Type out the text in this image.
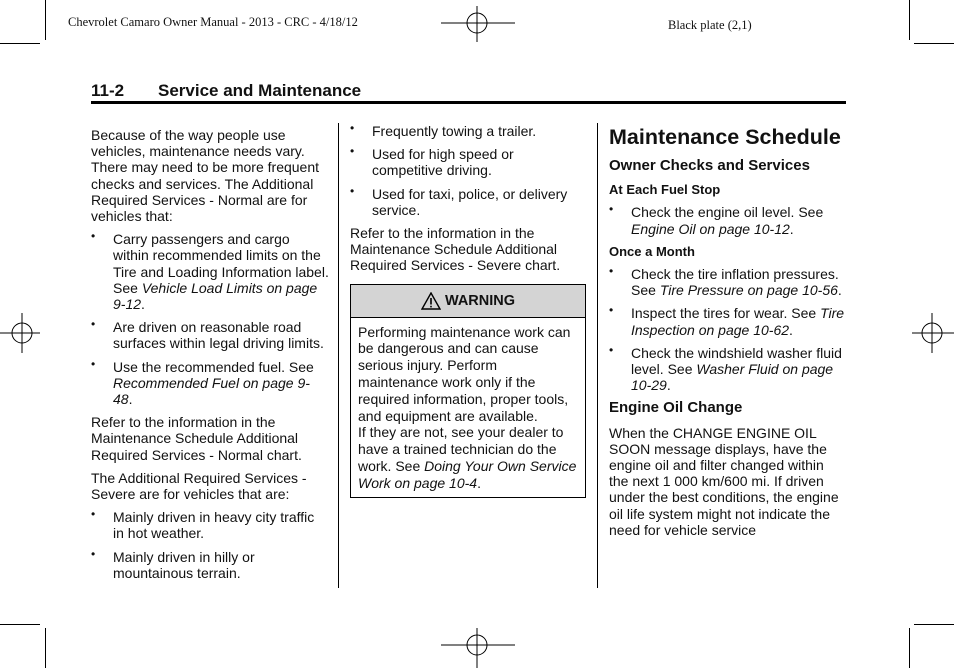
Chevrolet Camaro Owner Manual - 2013 - CRC - 4/18/12	Black plate (2,1)
11-2 Service and Maintenance

Because of the way people use vehicles, maintenance needs vary. There may need to be more frequent checks and services. The Additional Required Services - Normal are for vehicles that:

• Carry passengers and cargo within recommended limits on the Tire and Loading Information label. See Vehicle Load Limits on page 9-12.
• Are driven on reasonable road surfaces within legal driving limits.
• Use the recommended fuel. See Recommended Fuel on page 9-48.

Refer to the information in the Maintenance Schedule Additional Required Services - Normal chart.

The Additional Required Services - Severe are for vehicles that are:

• Mainly driven in heavy city traffic in hot weather.
• Mainly driven in hilly or mountainous terrain.
• Frequently towing a trailer.
• Used for high speed or competitive driving.
• Used for taxi, police, or delivery service.

Refer to the information in the Maintenance Schedule Additional Required Services - Severe chart.

WARNING
Performing maintenance work can be dangerous and can cause serious injury. Perform maintenance work only if the required information, proper tools, and equipment are available.
If they are not, see your dealer to have a trained technician do the work. See Doing Your Own Service Work on page 10-4.
Maintenance Schedule
Owner Checks and Services
At Each Fuel Stop
• Check the engine oil level. See Engine Oil on page 10-12.
Once a Month
• Check the tire inflation pressures. See Tire Pressure on page 10-56.
• Inspect the tires for wear. See Tire Inspection on page 10-62.
• Check the windshield washer fluid level. See Washer Fluid on page 10-29.
Engine Oil Change

When the CHANGE ENGINE OIL SOON message displays, have the engine oil and filter changed within the next 1 000 km/600 mi. If driven under the best conditions, the engine oil life system might not indicate the need for vehicle service
